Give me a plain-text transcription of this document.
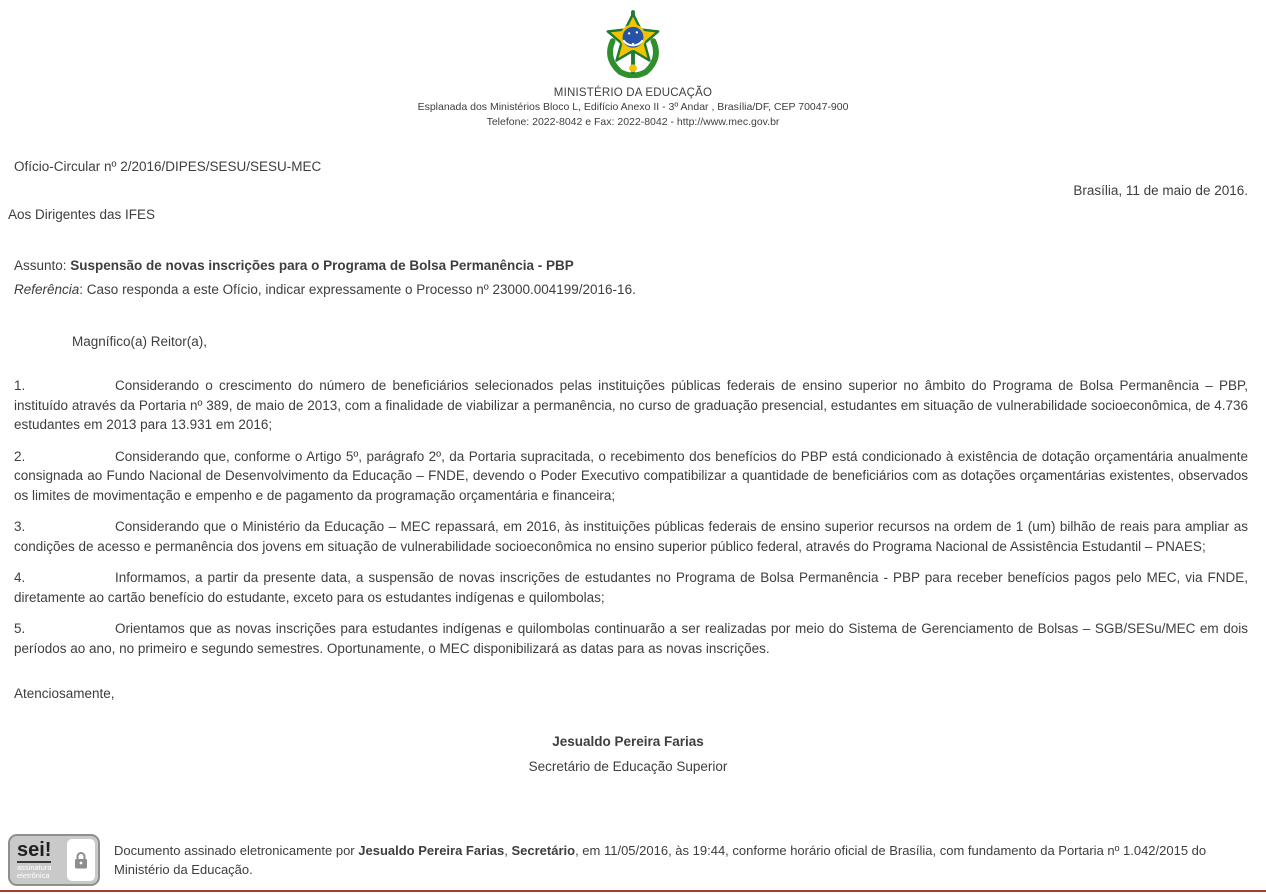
MINISTÉRIO DA EDUCAÇÃO
Esplanada dos Ministérios Bloco L, Edifício Anexo II - 3º Andar , Brasília/DF, CEP 70047-900
Telefone: 2022-8042 e Fax: 2022-8042 - http://www.mec.gov.br
Ofício-Circular nº 2/2016/DIPES/SESU/SESU-MEC
Brasília, 11 de maio de 2016.
Aos Dirigentes das IFES
Assunto: Suspensão de novas inscrições para o Programa de Bolsa Permanência - PBP
Referência: Caso responda a este Ofício, indicar expressamente o Processo nº 23000.004199/2016-16.
Magnífico(a) Reitor(a),

1.	Considerando o crescimento do número de beneficiários selecionados pelas instituições públicas federais de ensino superior no âmbito do Programa de Bolsa Permanência – PBP, instituído através da Portaria nº 389, de maio de 2013, com a finalidade de viabilizar a permanência, no curso de graduação presencial, estudantes em situação de vulnerabilidade socioeconômica, de 4.736 estudantes em 2013 para 13.931 em 2016;

2.	Considerando que, conforme o Artigo 5º, parágrafo 2º, da Portaria supracitada, o recebimento dos benefícios do PBP está condicionado à existência de dotação orçamentária anualmente consignada ao Fundo Nacional de Desenvolvimento da Educação – FNDE, devendo o Poder Executivo compatibilizar a quantidade de beneficiários com as dotações orçamentárias existentes, observados os limites de movimentação e empenho e de pagamento da programação orçamentária e financeira;

3.	Considerando que o Ministério da Educação – MEC repassará, em 2016, às instituições públicas federais de ensino superior recursos na ordem de 1 (um) bilhão de reais para ampliar as condições de acesso e permanência dos jovens em situação de vulnerabilidade socioeconômica no ensino superior público federal, através do Programa Nacional de Assistência Estudantil – PNAES;

4.	Informamos, a partir da presente data, a suspensão de novas inscrições de estudantes no Programa de Bolsa Permanência - PBP para receber benefícios pagos pelo MEC, via FNDE, diretamente ao cartão benefício do estudante, exceto para os estudantes indígenas e quilombolas;

5.	Orientamos que as novas inscrições para estudantes indígenas e quilombolas continuarão a ser realizadas por meio do Sistema de Gerenciamento de Bolsas – SGB/SESu/MEC em dois períodos ao ano, no primeiro e segundo semestres. Oportunamente, o MEC disponibilizará as datas para as novas inscrições.

Atenciosamente,
Jesualdo Pereira Farias
Secretário de Educação Superior
sei!
assinatura eletrônica
Documento assinado eletronicamente por Jesualdo Pereira Farias, Secretário, em 11/05/2016, às 19:44, conforme horário oficial de Brasília, com fundamento da Portaria nº 1.042/2015 do Ministério da Educação.
